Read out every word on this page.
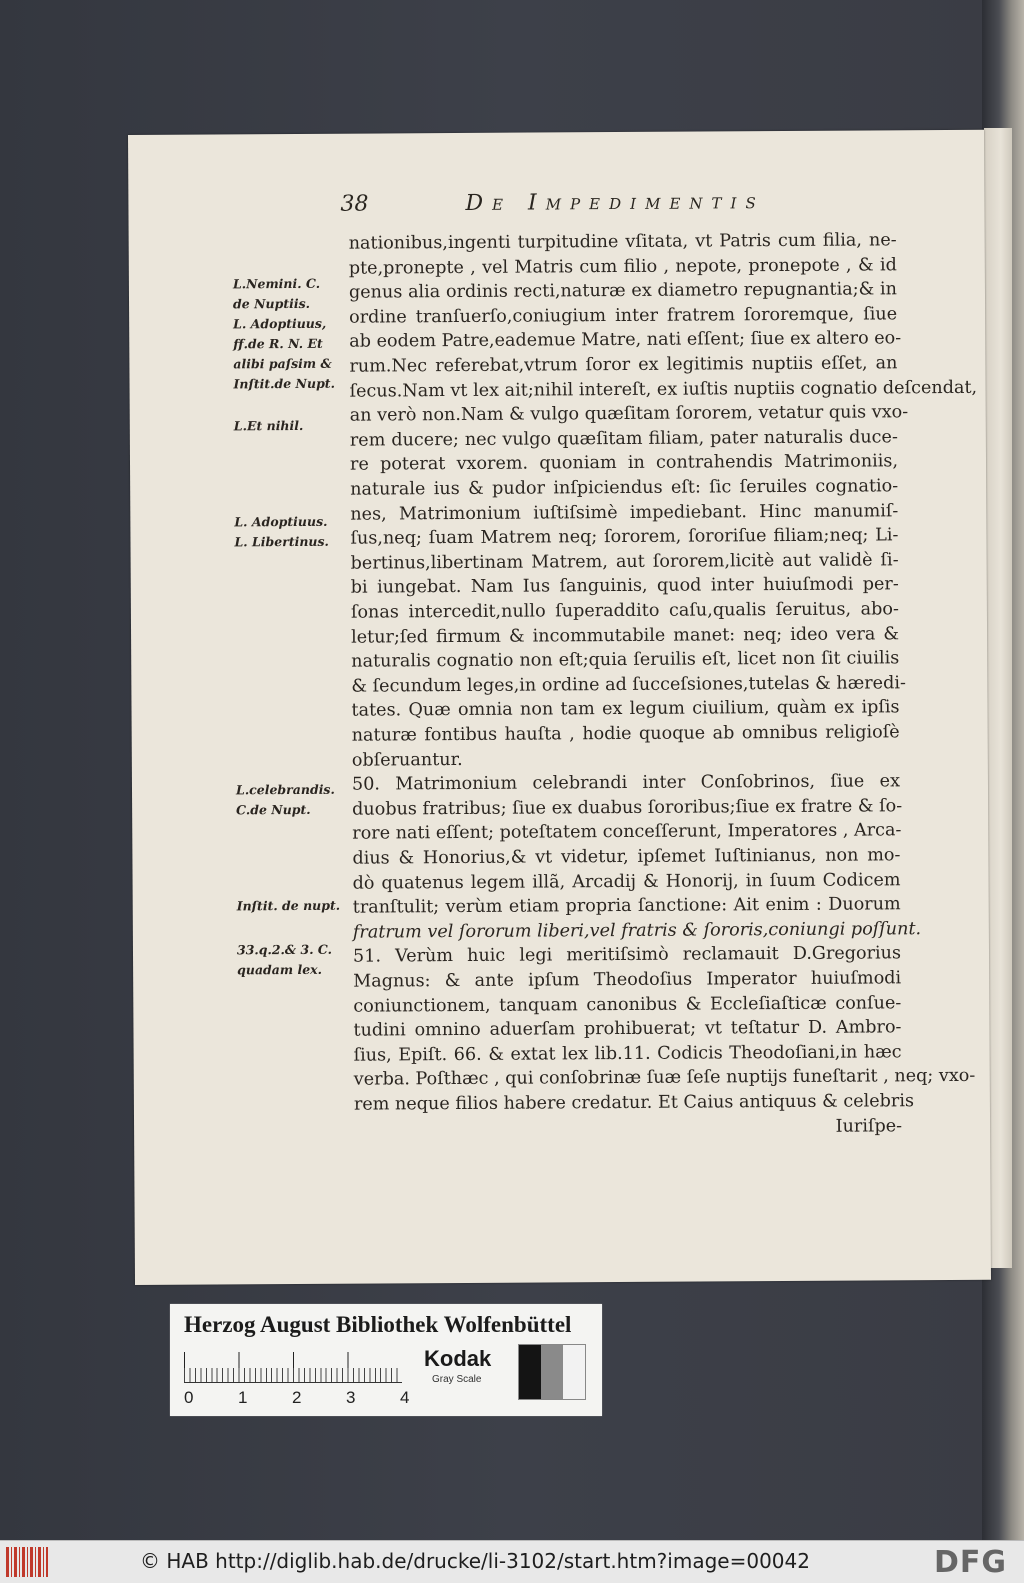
38	De Impedimentis
nationibus,ingenti turpitudine vſitata, vt Patris cum filia, ne-
pte,pronepte , vel Matris cum filio , nepote, pronepote , & id
genus alia ordinis recti,naturæ ex diametro repugnantia;& in
ordine tranſuerſo,coniugium inter fratrem ſororemque, ſiue
ab eodem Patre,eademue Matre, nati eſſent; ſiue ex altero eo-
rum.Nec referebat,vtrum ſoror ex legitimis nuptiis eſſet, an
ſecus.Nam vt lex ait;nihil intereſt, ex iuſtis nuptiis cognatio deſcendat,
an verò non.Nam & vulgo quæſitam ſororem, vetatur quis vxo-
rem ducere; nec vulgo quæſitam filiam, pater naturalis duce-
re poterat vxorem. quoniam in contrahendis Matrimoniis,
naturale ius & pudor inſpiciendus eſt: ſic ſeruiles cognatio-
nes, Matrimonium iuſtiſsimè impediebant. Hinc manumiſ-
ſus,neq; ſuam Matrem neq; ſororem, ſororiſue filiam;neq; Li-
bertinus,libertinam Matrem, aut ſororem,licitè aut validè ſi-
bi iungebat. Nam Ius ſanguinis, quod inter huiuſmodi per-
ſonas intercedit,nullo ſuperaddito caſu,qualis ſeruitus, abo-
letur;ſed firmum & incommutabile manet: neq; ideo vera &
naturalis cognatio non eſt;quia ſeruilis eſt, licet non ſit ciuilis
& ſecundum leges,in ordine ad ſucceſsiones,tutelas & hæredi-
tates. Quæ omnia non tam ex legum ciuilium, quàm ex ipſis
naturæ fontibus hauſta , hodie quoque ab omnibus religioſè
obſeruantur.
50. Matrimonium celebrandi inter Conſobrinos, ſiue ex
duobus fratribus; ſiue ex duabus ſororibus;ſiue ex fratre & ſo-
rore nati eſſent; poteſtatem conceſſerunt, Imperatores , Arca-
dius & Honorius,& vt videtur, ipſemet Iuſtinianus, non mo-
dò quatenus legem illã, Arcadij & Honorij, in ſuum Codicem
tranſtulit; verùm etiam propria ſanctione: Ait enim : Duorum
fratrum vel ſororum liberi,vel fratris & ſororis,coniungi poſſunt.
51. Verùm huic legi meritiſsimò reclamauit D.Gregorius
Magnus: & ante ipſum Theodoſius Imperator huiuſmodi
coniunctionem, tanquam canonibus & Eccleſiaſticæ conſue-
tudini omnino aduerſam prohibuerat; vt teſtatur D. Ambro-
ſius, Epiſt. 66. & extat lex lib.11. Codicis Theodoſiani,in hæc
verba. Poſthæc , qui conſobrinæ ſuæ ſeſe nuptijs funeſtarit , neq; vxo-
rem neque filios habere credatur. Et Caius antiquus & celebris
Iuriſpe-
L.Nemini. C.
de Nuptiis.
L. Adoptiuus,
ff.de R. N. Et
alibi paſsim &
Inſtit.de Nupt.
L.Et nihil.
L. Adoptiuus.
L. Libertinus.
L.celebrandis.
C.de Nupt.
Inſtit. de nupt.
33.q.2.& 3. C.
quadam lex.
Herzog August Bibliothek Wolfenbüttel
0	1	2	3	4
Kodak
Gray Scale
© HAB http://diglib.hab.de/drucke/li-3102/start.htm?image=00042	DFG
